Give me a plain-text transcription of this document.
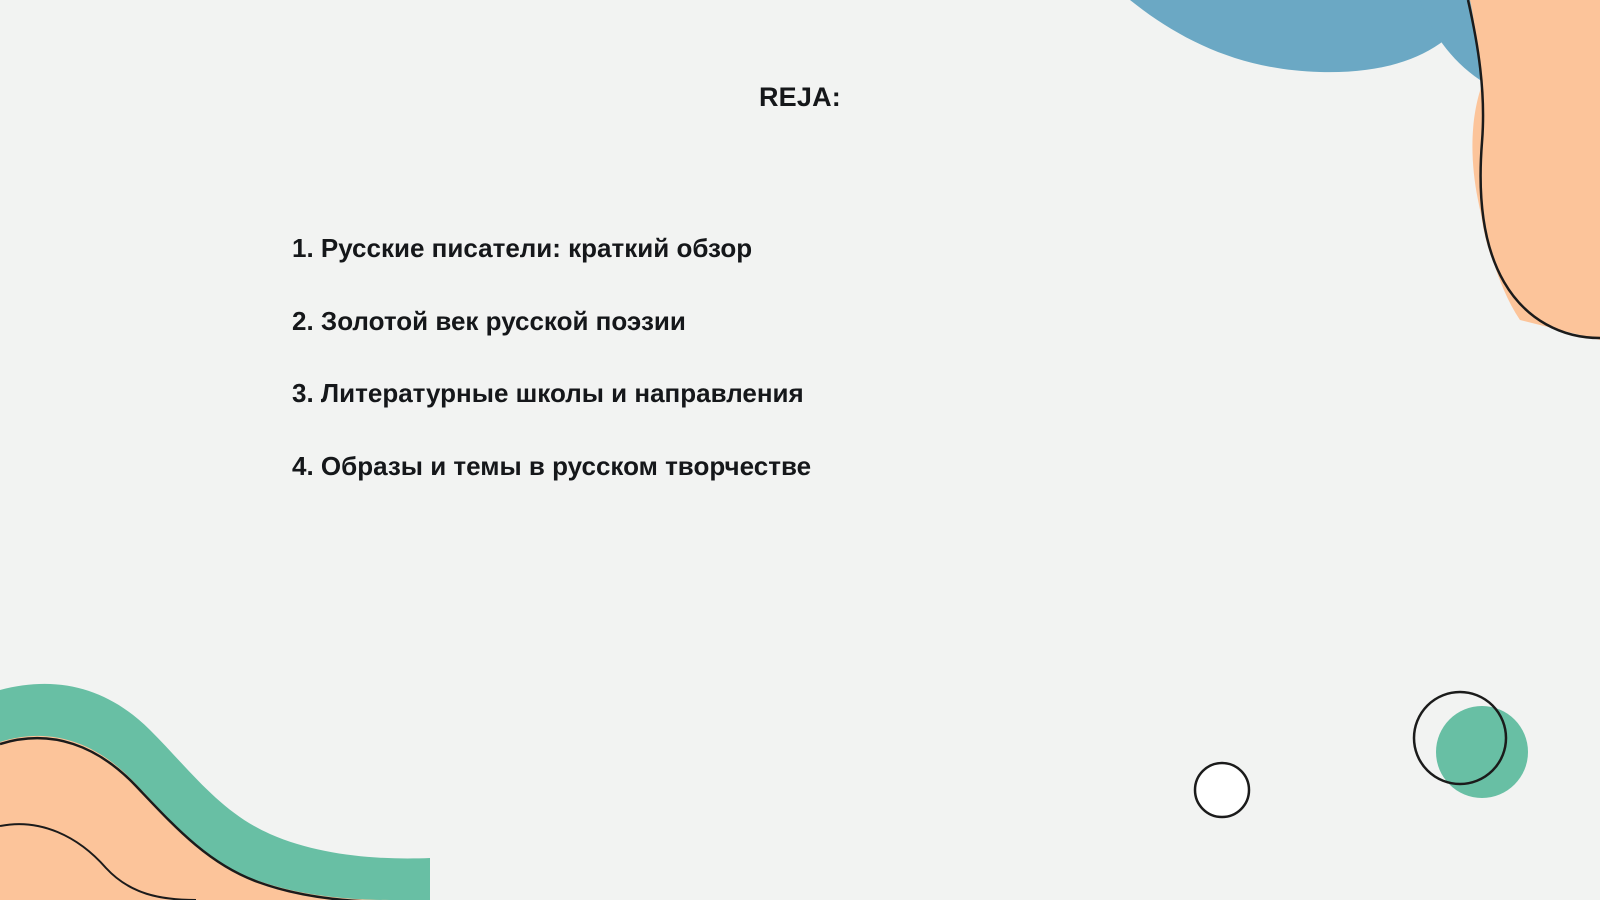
REJA:
1. Русские писатели: краткий обзор
2. Золотой век русской поэзии
3. Литературные школы и направления
4. Образы и темы в русском творчестве
